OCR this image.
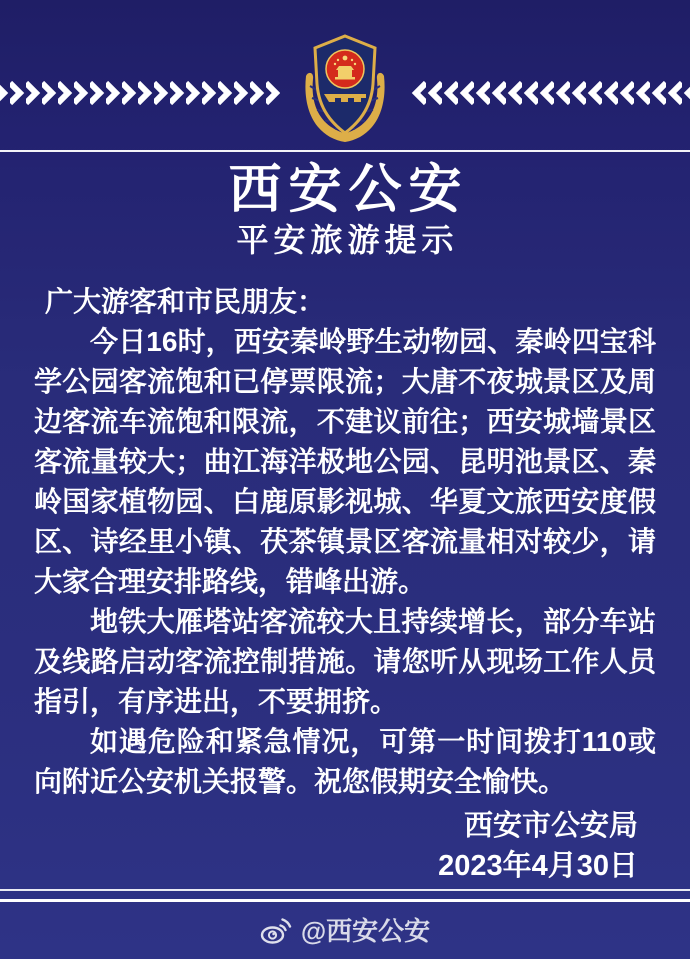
西安公安
平安旅游提示
广大游客和市民朋友：

今日16时，西安秦岭野生动物园、秦岭四宝科学公园客流饱和已停票限流；大唐不夜城景区及周边客流车流饱和限流，不建议前往；西安城墙景区客流量较大；曲江海洋极地公园、昆明池景区、秦岭国家植物园、白鹿原影视城、华夏文旅西安度假区、诗经里小镇、茯茶镇景区客流量相对较少，请大家合理安排路线，错峰出游。

地铁大雁塔站客流较大且持续增长，部分车站及线路启动客流控制措施。请您听从现场工作人员指引，有序进出，不要拥挤。

如遇危险和紧急情况，可第一时间拨打110或向附近公安机关报警。祝您假期安全愉快。

西安市公安局
2023年4月30日
@西安公安
